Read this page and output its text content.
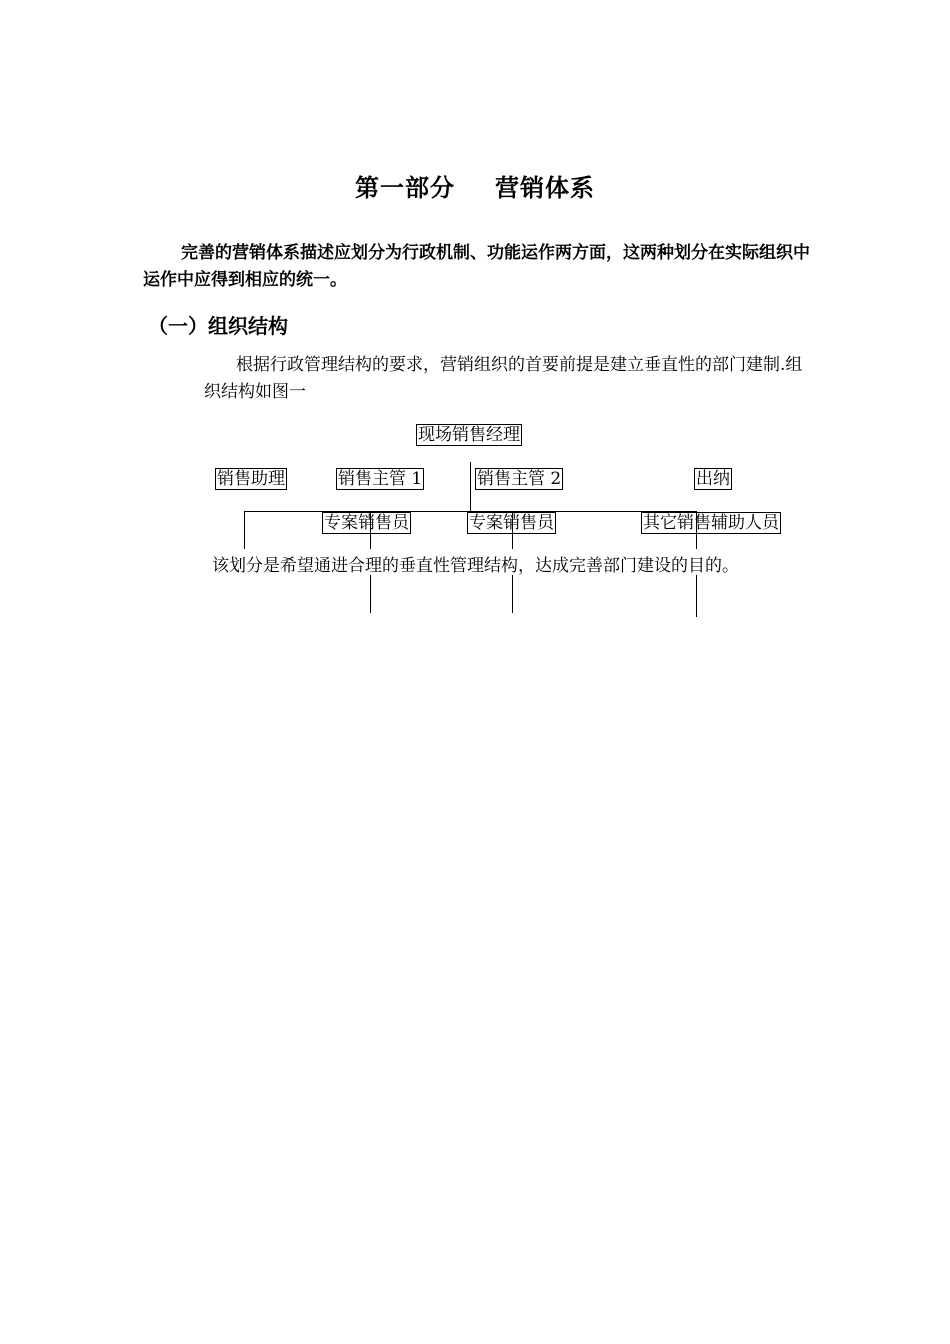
第一部分 营销体系

完善的营销体系描述应划分为行政机制、功能运作两方面，这两种划分在实际组织中运作中应得到相应的统一。

（一）组织结构

根据行政管理结构的要求，营销组织的首要前提是建立垂直性的部门建制.组织结构如图一

现场销售经理
销售助理	销售主管 1	销售主管 2	出纳
专案销售员	专案销售员	其它销售辅助人员

该划分是希望通进合理的垂直性管理结构，达成完善部门建设的目的。
